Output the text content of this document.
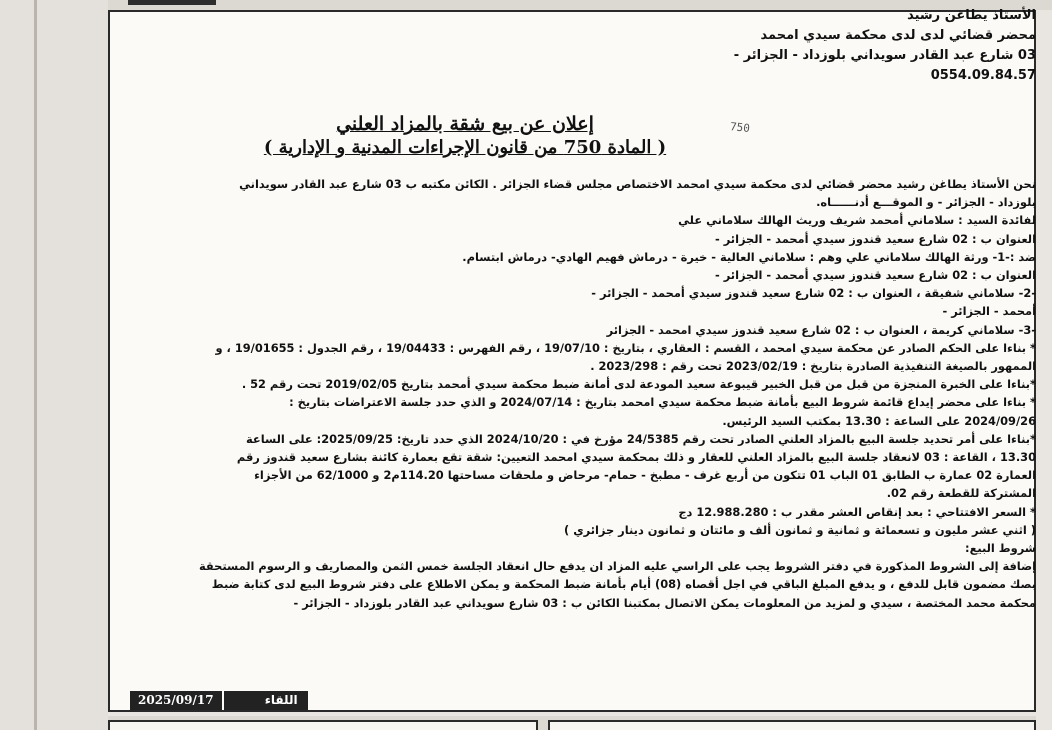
الأستاذ يطاغن رشيد
محضر قضائي لدى لدى محكمة سيدي امحمد
03 شارع عبد القادر سويداني بلوزداد - الجزائر -
0554.09.84.57
إعلان عن بيع شقة بالمزاد العلني
( المادة 750 من قانون الإجراءات المدنية و الإدارية )
750
نحن الأستاذ يطاغن رشيد محضر قضائي لدى محكمة سيدي امحمد الاختصاص مجلس قضاء الجزائر . الكائن مكتبه ب 03 شارع عبد القادر سويداني
بلوزداد - الجزائر - و الموقـــع أدنــــــاه.
لفائدة السيد : سلاماني أمحمد شريف وريث الهالك سلاماني علي
العنوان ب : 02 شارع سعيد قندوز سيدي أمحمد - الجزائر -
ضد :-1- ورثة الهالك سلاماني علي وهم : سلاماني العالية - خيرة - درماش فهيم الهادي- درماش ابتسام.
العنوان ب : 02 شارع سعيد قندوز سيدي أمحمد - الجزائر -
-2- سلاماني شفيقة ، العنوان ب : 02 شارع سعيد قندوز سيدي أمحمد - الجزائر -
أمحمد - الجزائر -
-3- سلاماني كريمة ، العنوان ب : 02 شارع سعيد قندوز سيدي امحمد - الجزائر
* بناءا على الحكم الصادر عن محكمة سيدي امحمد ، القسم : العقاري ، بتاريخ : 19/07/10 ، رقم الفهرس : 19/04433 ، رقم الجدول : 19/01655 ، و
الممهور بالصيغة التنفيذية الصادرة بتاريخ : 2023/02/19 تحت رقم : 2023/298 .
*بناءا على الخبرة المنجزة من قبل من قبل الخبير قيبوعة سعيد المودعة لدى أمانة ضبط محكمة سيدي أمحمد بتاريخ 2019/02/05 تحت رقم 52 .
* بناءا على محضر إيداع قائمة شروط البيع بأمانة ضبط محكمة سيدي امحمد بتاريخ : 2024/07/14 و الذي حدد جلسة الاعتراضات بتاريخ :
2024/09/26 على الساعة : 13.30 بمكتب السيد الرئيس.
*بناءا على أمر تحديد جلسة البيع بالمزاد العلني الصادر تحت رقم 24/5385 مؤرخ في : 2024/10/20 الذي حدد تاريخ: 2025/09/25: على الساعة
13.30 ، القاعة : 03 لانعقاد جلسة البيع بالمزاد العلني للعقار و ذلك بمحكمة سيدي امحمد التعيين: شقة تقع بعمارة كائنة بشارع سعيد قندوز رقم
العمارة 02 عمارة ب الطابق 01 الباب 01 تتكون من أربع غرف - مطبخ - حمام- مرحاض و ملحقات مساحتها 114.20م2 و 62/1000 من الأجزاء
المشتركة للقطعة رقم 02.
* السعر الافتتاحي : بعد إنقاص العشر مقدر ب : 12.988.280 دج
( اثني عشر مليون و تسعمائة و ثمانية و ثمانون ألف و مائتان و ثمانون دينار جزائري )
شروط البيع:
إضافة إلى الشروط المذكورة في دفتر الشروط يجب على الراسي عليه المزاد ان يدفع حال انعقاد الجلسة خمس الثمن والمصاريف و الرسوم المستحقة
بصك مضمون قابل للدفع ، و يدفع المبلغ الباقي في اجل أقصاه (08) أيام بأمانة ضبط المحكمة و يمكن الاطلاع على دفتر شروط البيع لدى كتابة ضبط
محكمة محمد المختصة ، سيدي و لمزيد من المعلومات يمكن الاتصال بمكتبنا الكائن ب : 03 شارع سويداني عبد القادر بلوزداد - الجزائر -
2025/09/17	اللقاء
